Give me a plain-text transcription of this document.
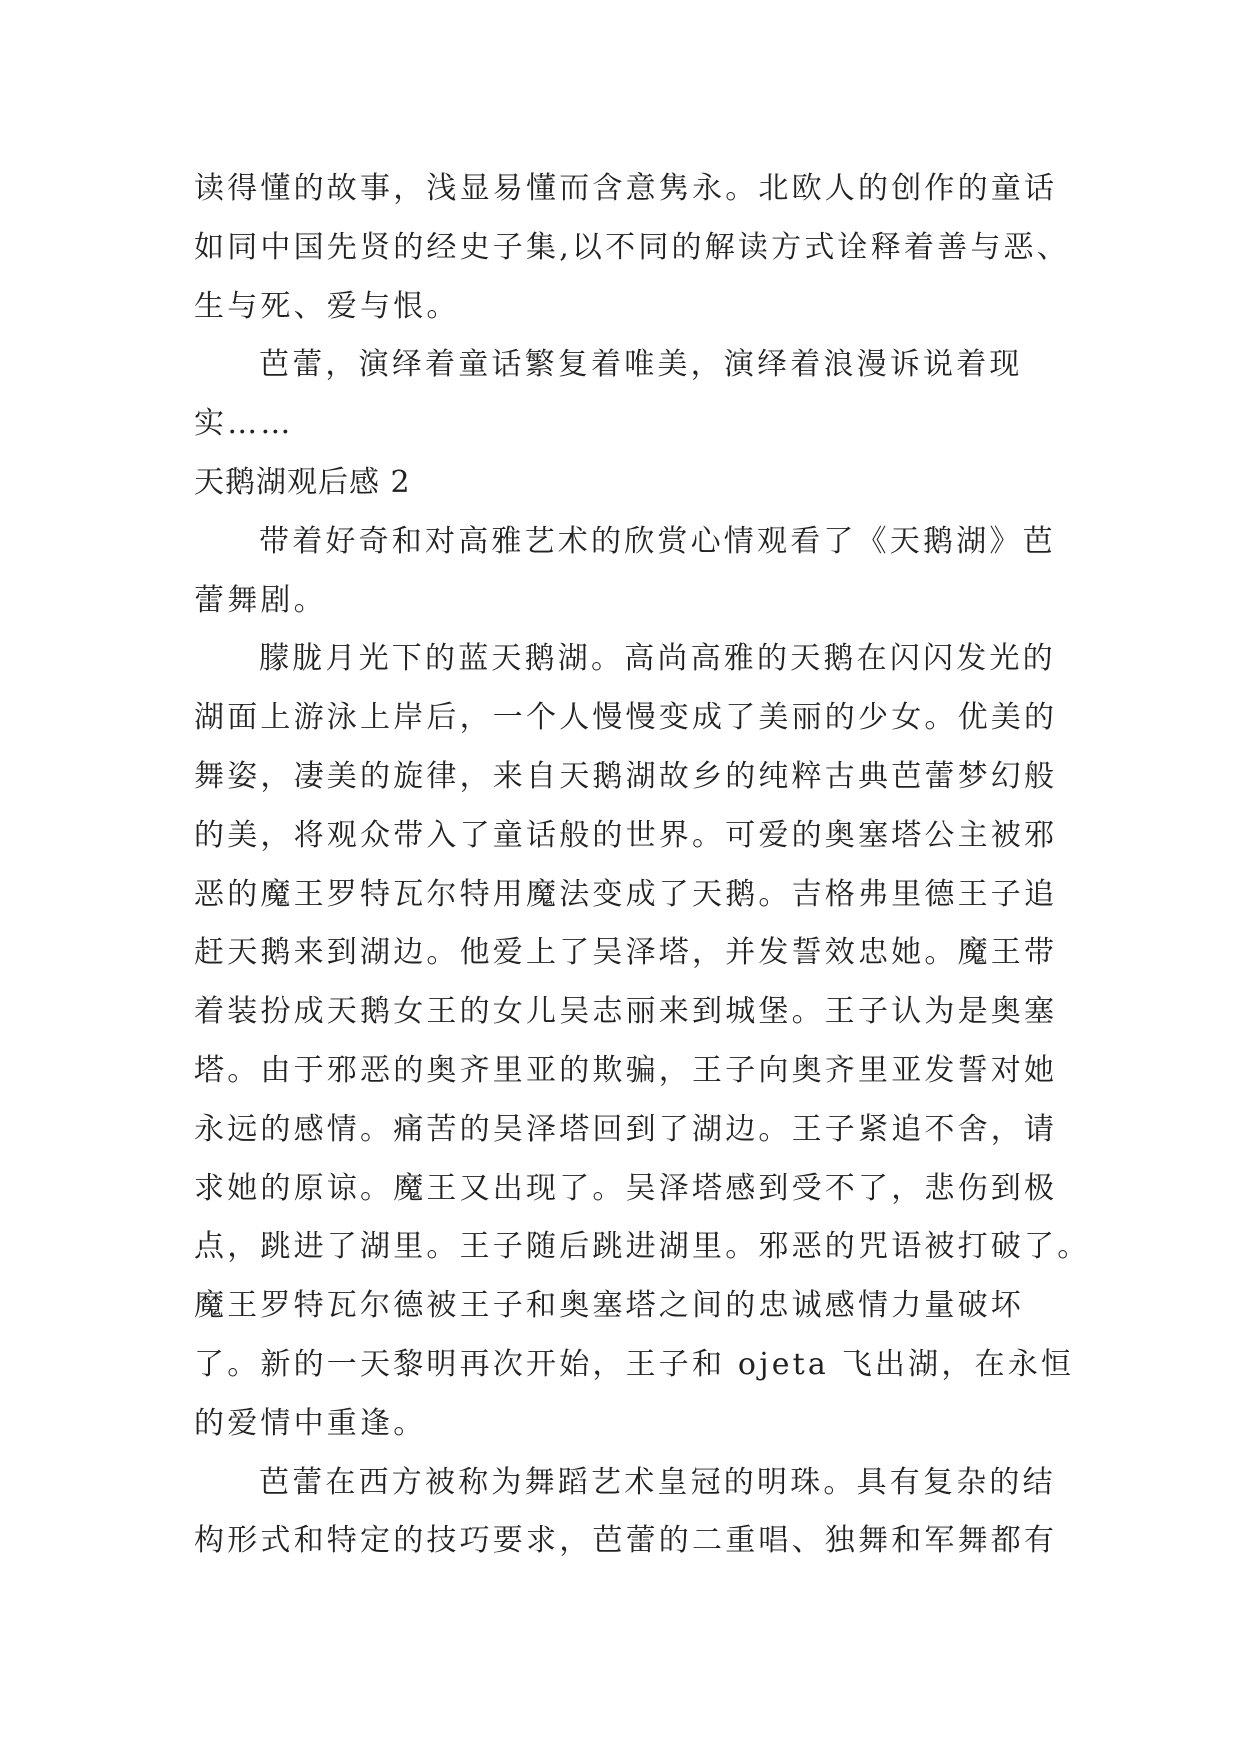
读得懂的故事，浅显易懂而含意隽永。北欧人的创作的童话
如同中国先贤的经史子集,以不同的解读方式诠释着善与恶、
生与死、爱与恨。
芭蕾，演绎着童话繁复着唯美，演绎着浪漫诉说着现
实……
天鹅湖观后感 2
带着好奇和对高雅艺术的欣赏心情观看了《天鹅湖》芭
蕾舞剧。
朦胧月光下的蓝天鹅湖。高尚高雅的天鹅在闪闪发光的
湖面上游泳上岸后，一个人慢慢变成了美丽的少女。优美的
舞姿，凄美的旋律，来自天鹅湖故乡的纯粹古典芭蕾梦幻般
的美，将观众带入了童话般的世界。可爱的奥塞塔公主被邪
恶的魔王罗特瓦尔特用魔法变成了天鹅。吉格弗里德王子追
赶天鹅来到湖边。他爱上了吴泽塔，并发誓效忠她。魔王带
着装扮成天鹅女王的女儿吴志丽来到城堡。王子认为是奥塞
塔。由于邪恶的奥齐里亚的欺骗，王子向奥齐里亚发誓对她
永远的感情。痛苦的吴泽塔回到了湖边。王子紧追不舍，请
求她的原谅。魔王又出现了。吴泽塔感到受不了，悲伤到极
点，跳进了湖里。王子随后跳进湖里。邪恶的咒语被打破了。
魔王罗特瓦尔德被王子和奥塞塔之间的忠诚感情力量破坏
了。新的一天黎明再次开始，王子和 ojeta 飞出湖，在永恒
的爱情中重逢。
芭蕾在西方被称为舞蹈艺术皇冠的明珠。具有复杂的结
构形式和特定的技巧要求，芭蕾的二重唱、独舞和军舞都有
